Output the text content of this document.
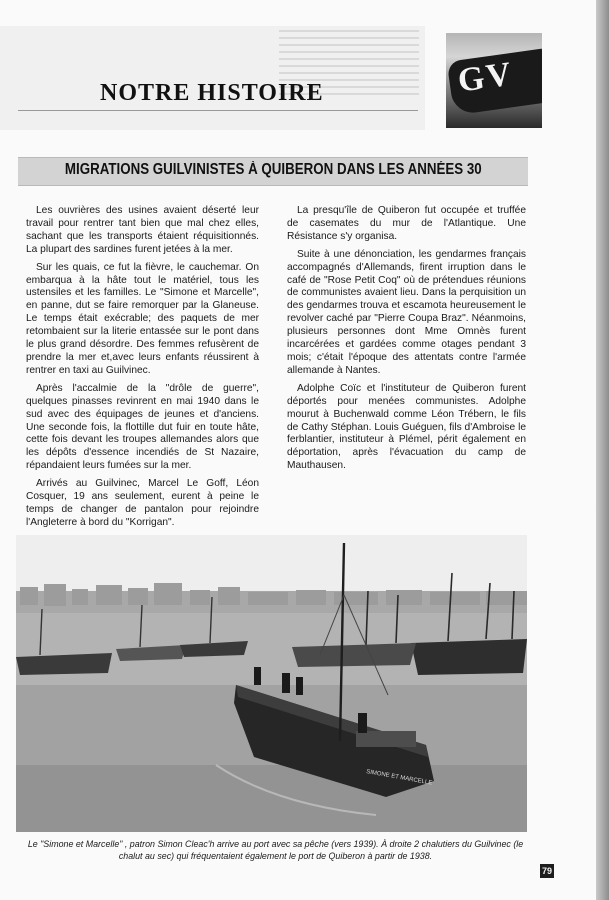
NOTRE HISTOIRE	GV
MIGRATIONS GUILVINISTES À QUIBERON DANS LES ANNÉES 30

Les ouvrières des usines avaient déserté leur travail pour rentrer tant bien que mal chez elles, sachant que les transports étaient réquisitionnés. La plupart des sardines furent jetées à la mer.

Sur les quais, ce fut la fièvre, le cauchemar. On embarqua à la hâte tout le matériel, tous les ustensiles et les familles. Le "Simone et Marcelle", en panne, dut se faire remorquer par la Glaneuse. Le temps était exécrable; des paquets de mer retombaient sur la literie entassée sur le pont dans le plus grand désordre. Des femmes refusèrent de prendre la mer et,avec leurs enfants réussirent à rentrer en taxi au Guilvinec.

Après l'accalmie de la "drôle de guerre", quelques pinasses revinrent en mai 1940 dans le sud avec des équipages de jeunes et d'anciens. Une seconde fois, la flottille dut fuir en toute hâte, cette fois devant les troupes allemandes alors que les dépôts d'essence incendiés de St Nazaire, répandaient leurs fumées sur la mer.

Arrivés au Guilvinec, Marcel Le Goff, Léon Cosquer, 19 ans seulement, eurent à peine le temps de changer de pantalon pour rejoindre l'Angleterre à bord du "Korrigan".

La presqu'île de Quiberon fut occupée et truffée de casemates du mur de l'Atlantique. Une Résistance s'y organisa.

Suite à une dénonciation, les gendarmes français accompagnés d'Allemands, firent irruption dans le café de "Rose Petit Coq" où de prétendues réunions de communistes avaient lieu. Dans la perquisition un des gendarmes trouva et escamota heureusement le revolver caché par "Pierre Coupa Braz". Néanmoins, plusieurs personnes dont Mme Omnès furent incarcérées et gardées comme otages pendant 3 mois; c'était l'époque des attentats contre l'armée allemande à Nantes.

Adolphe Coïc et l'instituteur de Quiberon furent déportés pour menées communistes. Adolphe mourut à Buchenwald comme Léon Trébern, le fils de Cathy Stéphan. Louis Guéguen, fils d'Ambroise le ferblantier, instituteur à Plémel, périt également en déportation, après l'évacuation du camp de Mauthausen.

SIMONE ET MARCELLE
Le "Simone et Marcelle" , patron Simon Cleac'h arrive au port avec sa pêche (vers 1939). À droite 2 chalutiers du Guilvinec (le chalut au sec) qui fréquentaient également le port de Quiberon à partir de 1938.
79
